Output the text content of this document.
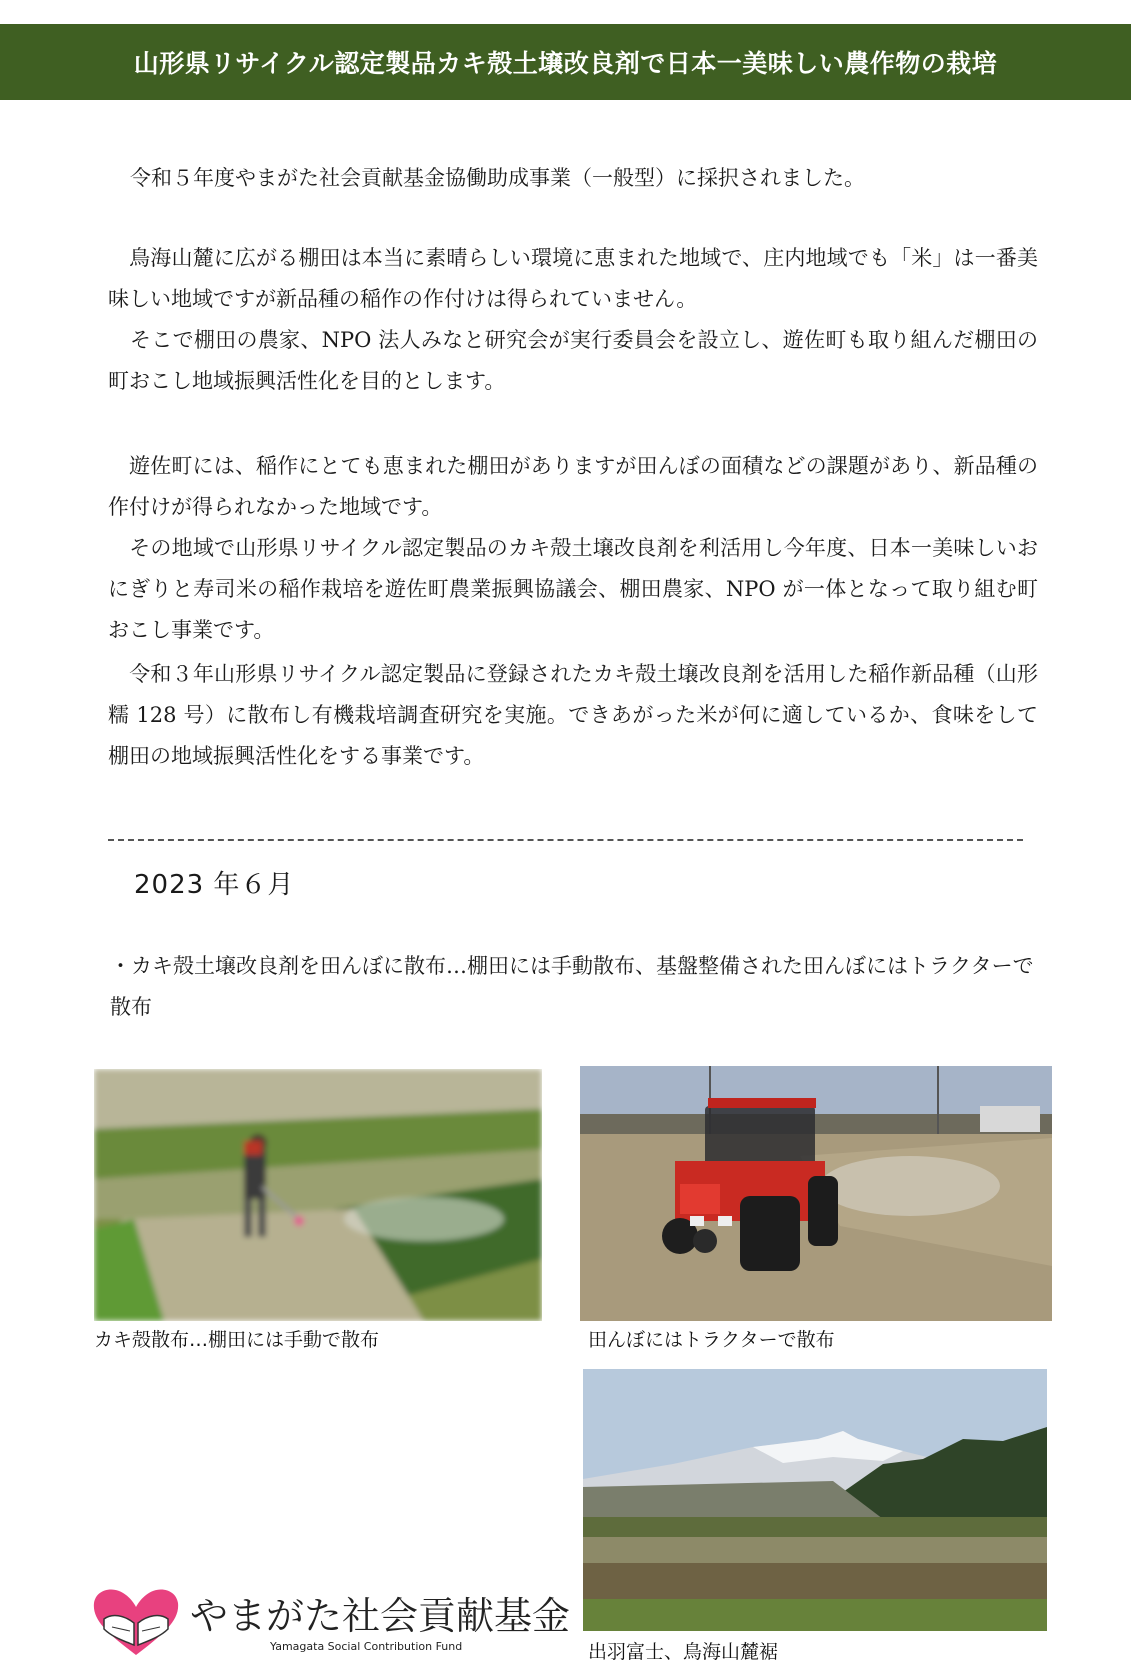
山形県リサイクル認定製品カキ殻土壌改良剤で日本一美味しい農作物の栽培

令和５年度やまがた社会貢献基金協働助成事業（一般型）に採択されました。

　鳥海山麓に広がる棚田は本当に素晴らしい環境に恵まれた地域で、庄内地域でも「米」は一番美味しい地域ですが新品種の稲作の作付けは得られていません。

そこで棚田の農家、NPO 法人みなと研究会が実行委員会を設立し、遊佐町も取り組んだ棚田の町おこし地域振興活性化を目的とします。

　遊佐町には、稲作にとても恵まれた棚田がありますが田んぼの面積などの課題があり、新品種の作付けが得られなかった地域です。

　その地域で山形県リサイクル認定製品のカキ殻土壌改良剤を利活用し今年度、日本一美味しいおにぎりと寿司米の稲作栽培を遊佐町農業振興協議会、棚田農家、NPO が一体となって取り組む町おこし事業です。

　令和３年山形県リサイクル認定製品に登録されたカキ殻土壌改良剤を活用した稲作新品種（山形糯 128 号）に散布し有機栽培調査研究を実施。できあがった米が何に適しているか、食味をして棚田の地域振興活性化をする事業です。

2023 年６月

・カキ殻土壌改良剤を田んぼに散布…棚田には手動散布、基盤整備された田んぼにはトラクターで散布

カキ殻散布…棚田には手動で散布	田んぼにはトラクターで散布
出羽富士、鳥海山麓裾
やまがた社会貢献基金
Yamagata Social Contribution Fund
